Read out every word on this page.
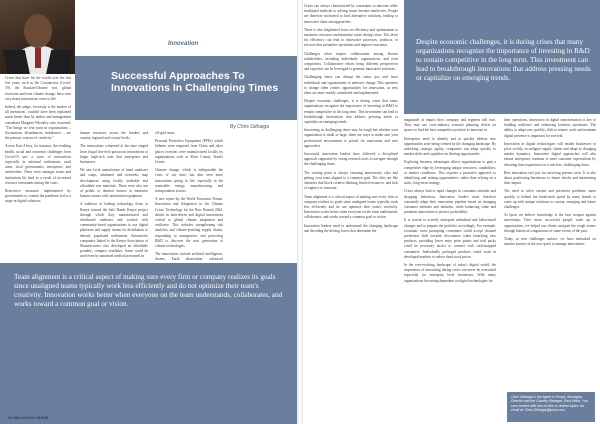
Innovation
Successful Approaches To Innovations In Challenging Times
By Chris Githaiga

Crises that have hit the world over the last few years, such as the Coronavirus (Covid-19), the Russian-Ukraine war, global recession and even climate change, have seen very many innovations come to life.

Indeed, the adage, 'necessity is the mother of all inventions', couldn't have been explained much better than by author and management consultant Margaret Wheatley who reasoned: "The things we fear most in organizations – fluctuations, disturbances, imbalances – are the primary sources of creativity."

Across East Africa, for instance, the resulting health, social and economic challenges from Covid-19 saw a wave of innovations especially in informal settlements, rural areas, local governments, enterprises, and universities. These were amongst issues and institutions hit hard as a result of increased resource constraints during the crisis.

Restrictive measures implemented by governments to contain the pandemic led to a surge in digital solutions.

human resources across the borders and country regional and county levels.

The innovations witnessed at the time ranged from frugal low-tech grassroots innovations to larger high-tech ones that enterprises and businesses.

We saw local manufacture of hand sanitisers and soaps, intubated and networks map development using locally available and affordable raw materials. There were also use of pedals or thermal sensors to minimise human contact with sanitisation equipment.

A tradition of leading technology firms in Kenya formed the Safe Hands Kenya project through which they manufactured and distributed sanitisers and worked with community-based organizations to use digital platforms and supply chains for distribution to densely populated settlements. Automotive companies linked to the Kenya Association of Manufacturers also developed an affordable portable, compact ventilator. Some could be used even by untrained medical personnel in

off-grid areas.

Personal Protective Equipment (PPEs) which hitherto were imported from China and other places overseas were manufactured locally by organizations such as Kitui County Textile Centre.

Climate change, which is indisputable the crisis of our time, has also seen more innovations spring to life, especially in the renewable energy, manufacturing, and transportation sectors.

A new report by the World Economic Forum, Innovation and Adaptation in the Climate Crisis: Technology for the New Normal 2024, details as data-driven and digital innovations critical to global climate adaptation and resilience. This includes strengthening risk analytics and climate-proofing supply chains, responding to emergencies and protecting R&D to discover the next generation of climate technologies.

The innovations include artificial intelligence, drones, Earth observation, advanced

Team alignment is a critical aspect of making sure every firm or company realizes its goals since unaligned teams typically work less efficiently and do not optimize their team's creativity. Innovation works better when everyone on the team understands, collaborates, and works toward a common goal or vision.
08 MALAYA/24 ISSUE

Crises can always characterized by constraints to innovate while traditional methods to solving issues become ineffective. People are therefore motivated to find alternative solutions, leading to innovative ideas and approaches.

There is also heightened focus on efficiency and optimisation to maximise resources and minimise waste during crises. This drive for efficiency can lead to innovative processes, products, or services that streamline operations and improve outcomes.

Challenges often require collaboration among diverse stakeholders, including individuals, organizations, and even competitors. Collaborative efforts bring different perspectives and expertise can be leveraged to generate innovative solutions.

Challenging times can disrupt the status quo and force individuals and organizations to embrace change. This openness to change often creates opportunities for innovation, as new ideas are more readily considered and implemented.

Despite economic challenges, it is during crises that many organizations recognize the importance of investing in R&D to remain competitive in the long term. This investment can lead to breakthrough innovations that address pressing needs or capitalize on emerging trends.

Innovating in challenging times may be tough but whether your organization is small or large, there are ways to make sure your professional environment is poised for innovation and new approaches.

Successful innovation leaders have followed a disciplined approach supported by strong research tools to navigate through the challenging times.

The starting point is always ensuring unnecessary silos and getting your team aligned to a common goal. The silos are like obstacles that block creative thinking, limited resources, and lack of urgency to innovate.

Team alignment is a critical aspect of making sure every firm or company realizes its goals since unaligned teams typically work less efficiently and do not optimize their team's creativity. Innovation works better when everyone on the team understands, collaborates, and works toward a common goal or vision.

Innovation leaders need to understand the changing landscape and decoding the driving forces that determine the

magnitude of impact their company and segment will face. They may use cross-industry scenario planning efforts on spaces to find the best competitive position to innovate in.

Enterprises need to identify and to quickly address new opportunities arise being created by the changing landscape. By unlocking strategic agility, companies can adapt quickly to market shifts and capitalize on fleeting opportunities.

Exploring business advantages allows organizations to gain a competitive edge by leveraging unique resources, capabilities, or market conditions. This requires a proactive approach to identifying and seizing opportunities, rather than relying on a static, long-term strategy.

Crises always lead to rapid changes in consumer attitudes and shopping behaviour. Innovative leaders must therefore constantly adapt their innovation pipeline based on changing consumer attitudes and attitudes, while balancing value and premium innovations to protect profitability.

It is crucial to actively anticipate attitudinal and behavioural changes and to prepare the portfolio accordingly. For example, economic woes prompting consumers could accept channel preference shift towards discounters when launching new products, providing lower entry price points and trial packs could be necessary tactics to connect with cash-strapped consumers. Individually packaged products could work in developed markets to reduce dead stock prices.

In the ever-evolving landscape of today's digital world, the importance of innovating during crises can never be overstated especially for enterprise level businesses. With many organizations becoming dependent on digital technologies for

their operations, innovation in digital transformation is key to building resilience and enhancing business operations. The ability to adapt very quickly, shift to remote work and maintain digital presence is important for survival.

Innovation in digital technologies will enable businesses to pivot swiftly, reconfigure supply chains and adapt to changing market dynamics. Innovative digital approaches will also ensure enterprises continue to meet customer expectations by elevating their experiences in a risk-free, challenging times.

Best innovation isn't just for surviving present crisis. It is also about positioning businesses to future shocks and maximising their impact.

The need to solve current and persistent problems, more quickly, is behind the break-neck speed by many brands to come up with unique solutions to current, emerging and future challenges.

At Ipsos we believe knowledge is the best weapon against uncertainty. Over more successful people wake up to opportunities, we helped our clients navigate the tough waters through historical comparisons of some events of the past.

Today, as new challenges surface, we have embarked on another journey in the new quest to manage innovations.

Despite economic challenges, it is during crises that many organizations recognize the importance of investing in R&D to remain competitive in the long term. This investment can lead to breakthrough innovations that address pressing needs or capitalize on emerging trends.
Chris Githaiga is the Agent in Kenya, Managing Director and the Country Manager, East Africa. You can connect with him on this or related topics via email at: Chris.Githaiga@ipsos.com
